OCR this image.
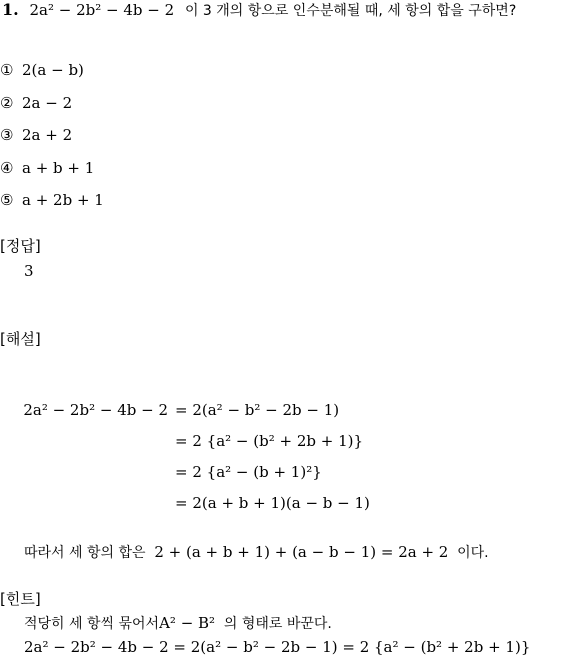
1. 2a² − 2b² − 4b − 2 이 3 개의 항으로 인수분해될 때, 세 항의 합을 구하면?
① 2(a − b)
② 2a − 2
③ 2a + 2
④ a + b + 1
⑤ a + 2b + 1
[정답]
3
[해설]
2a² − 2b² − 4b − 2 = 2(a² − b² − 2b − 1)
= 2 {a² − (b² + 2b + 1)}
= 2 {a² − (b + 1)²}
= 2(a + b + 1)(a − b − 1)
따라서 세 항의 합은 2 + (a + b + 1) + (a − b − 1) = 2a + 2 이다.
[힌트]
적당히 세 항씩 묶어서A² − B² 의 형태로 바꾼다.
2a² − 2b² − 4b − 2 = 2(a² − b² − 2b − 1) = 2 {a² − (b² + 2b + 1)}
